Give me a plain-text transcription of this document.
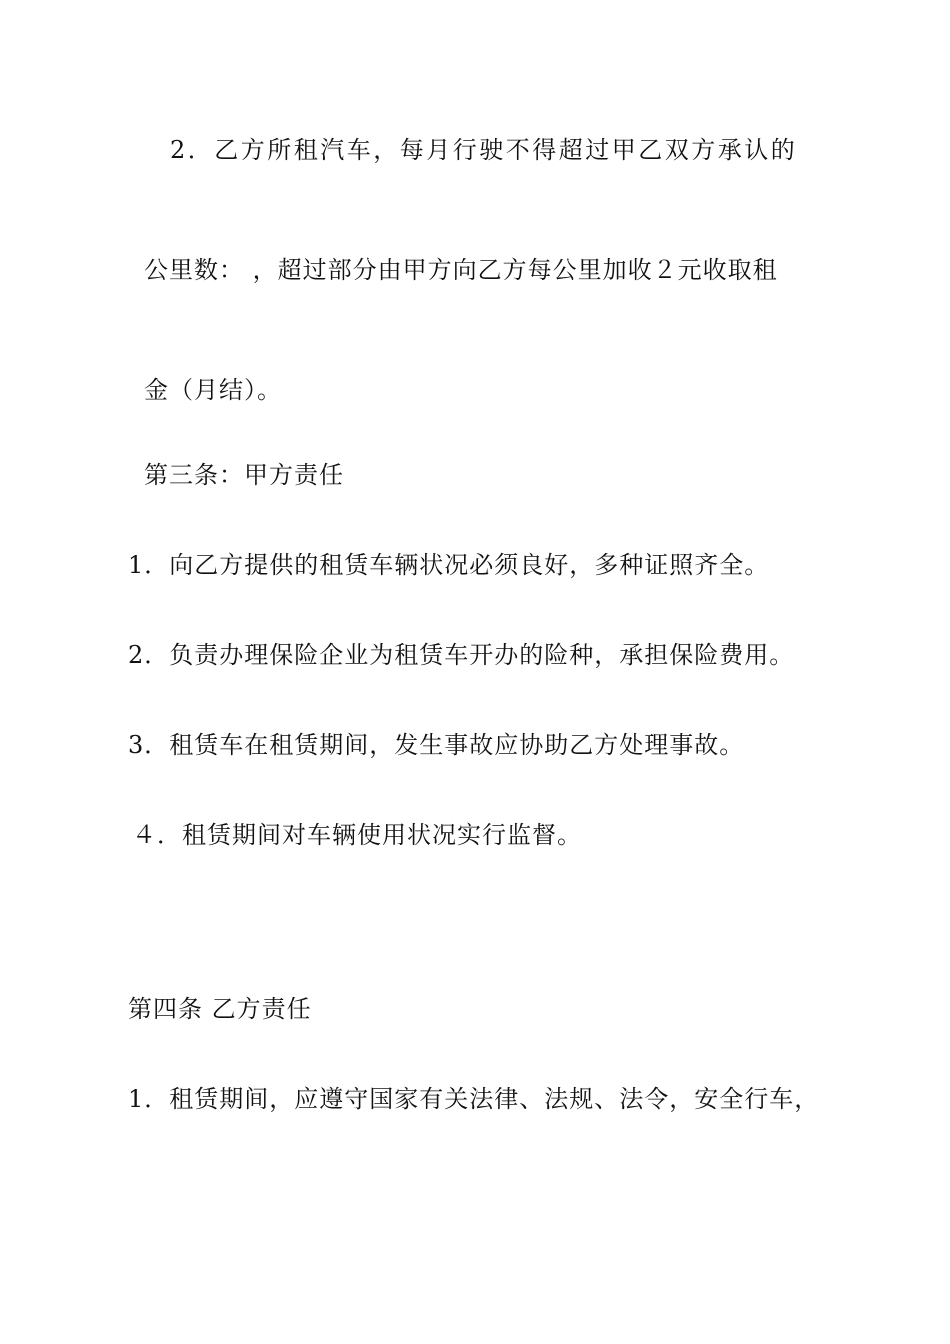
2．乙方所租汽车，每月行驶不得超过甲乙双方承认的
公里数： ，超过部分由甲方向乙方每公里加收２元收取租
金（月结）。
第三条：甲方责任
1．向乙方提供的租赁车辆状况必须良好，多种证照齐全。
2．负责办理保险企业为租赁车开办的险种，承担保险费用。
3．租赁车在租赁期间，发生事故应协助乙方处理事故。
４．租赁期间对车辆使用状况实行监督。
第四条 乙方责任
1．租赁期间，应遵守国家有关法律、法规、法令，安全行车，
